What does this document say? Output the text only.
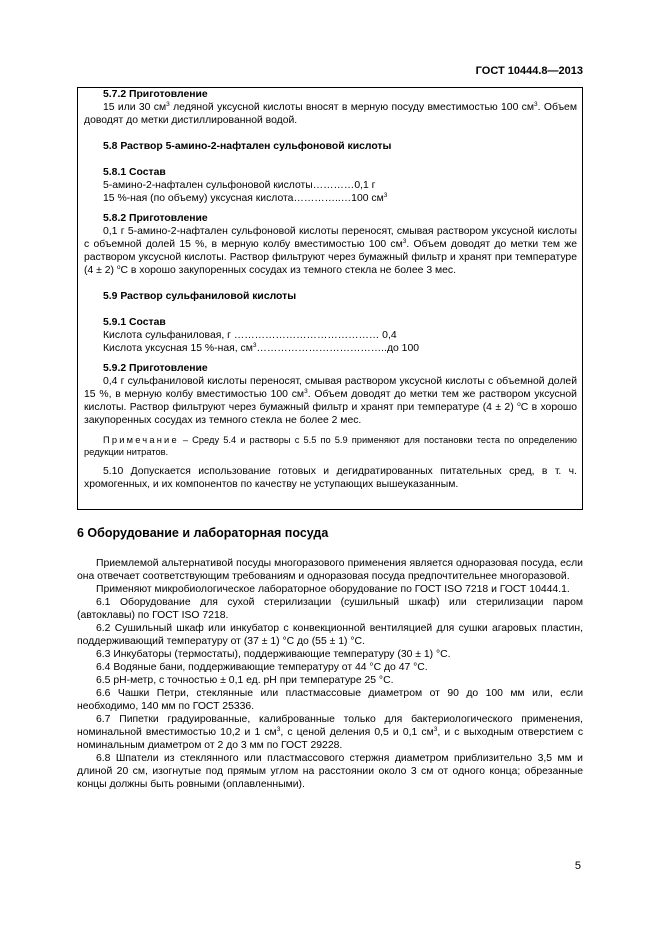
ГОСТ 10444.8—2013

5.7.2 Приготовление

15 или 30 $см^3$ ледяной уксусной кислоты вносят в мерную посуду вместимостью 100 $см^3$. Объем доводят до метки дистиллированной водой.

5.8 Раствор 5-амино-2-нафтален сульфоновой кислоты

5.8.1 Состав

5-амино-2-нафтален сульфоновой кислоты…………0,1 г

15 %-ная (по объему) уксусная кислота…………..…100 $см^3$

5.8.2 Приготовление

0,1 г 5-амино-2-нафтален сульфоновой кислоты переносят, смывая раствором уксусной кислоты с объемной долей 15 %, в мерную колбу вместимостью 100 $см^3$. Объем доводят до метки тем же раствором уксусной кислоты. Раствор фильтруют через бумажный фильтр и хранят при температуре (4 ± 2) $^о$С в хорошо закупоренных сосудах из темного стекла не более 3 мес.

5.9 Раствор сульфаниловой кислоты

5.9.1 Состав

Кислота сульфаниловая, г …………………………………… 0,4

Кислота уксусная 15 %-ная, $см^3\dots\dots\dots\dots\dots\dots\dots\dots\dots\dots\dots\dots..до$ 100

5.9.2 Приготовление

0,4 г сульфаниловой кислоты переносят, смывая раствором уксусной кислоты с объемной долей 15 %, в мерную колбу вместимостью 100 $см^3$. Объем доводят до метки тем же раствором уксусной кислоты. Раствор фильтруют через бумажный фильтр и хранят при температуре (4 ± 2) $^о$С в хорошо закупоренных сосудах из темного стекла не более 2 мес.

Примечание – Среду 5.4 и растворы с 5.5 по 5.9 применяют для постановки теста по определению редукции нитратов.

5.10 Допускается использование готовых и дегидратированных питательных сред, в т. ч. хромогенных, и их компонентов по качеству не уступающих вышеуказанным.

6 Оборудование и лабораторная посуда

Приемлемой альтернативой посуды многоразового применения является одноразовая посуда, если она отвечает соответствующим требованиям и одноразовая посуда предпочтительнее многоразовой.

Применяют микробиологическое лабораторное оборудование по ГОСТ ISO 7218 и ГОСТ 10444.1.

6.1 Оборудование для сухой стерилизации (сушильный шкаф) или стерилизации паром (автоклавы) по ГОСТ ISO 7218.

6.2 Сушильный шкаф или инкубатор с конвекционной вентиляцией для сушки агаровых пластин, поддерживающий температуру от (37 ± 1) °С до (55 ± 1) °С.

6.3 Инкубаторы (термостаты), поддерживающие температуру (30 ± 1) °С.

6.4 Водяные бани, поддерживающие температуру от 44 °С до 47 °С.

6.5 рН-метр, с точностью ± 0,1 ед. рН при температуре 25 °С.

6.6 Чашки Петри, стеклянные или пластмассовые диаметром от 90 до 100 мм или, если необходимо, 140 мм по ГОСТ 25336.

6.7 Пипетки градуированные, калиброванные только для бактериологического применения, номинальной вместимостью 10,2 и 1 $см^3$, с ценой деления 0,5 и 0,1 $см^3$, и с выходным отверстием с номинальным диаметром от 2 до 3 мм по ГОСТ 29228.

6.8 Шпатели из стеклянного или пластмассового стержня диаметром приблизительно 3,5 мм и длиной 20 см, изогнутые под прямым углом на расстоянии около 3 см от одного конца; обрезанные концы должны быть ровными (оплавленными).

5
